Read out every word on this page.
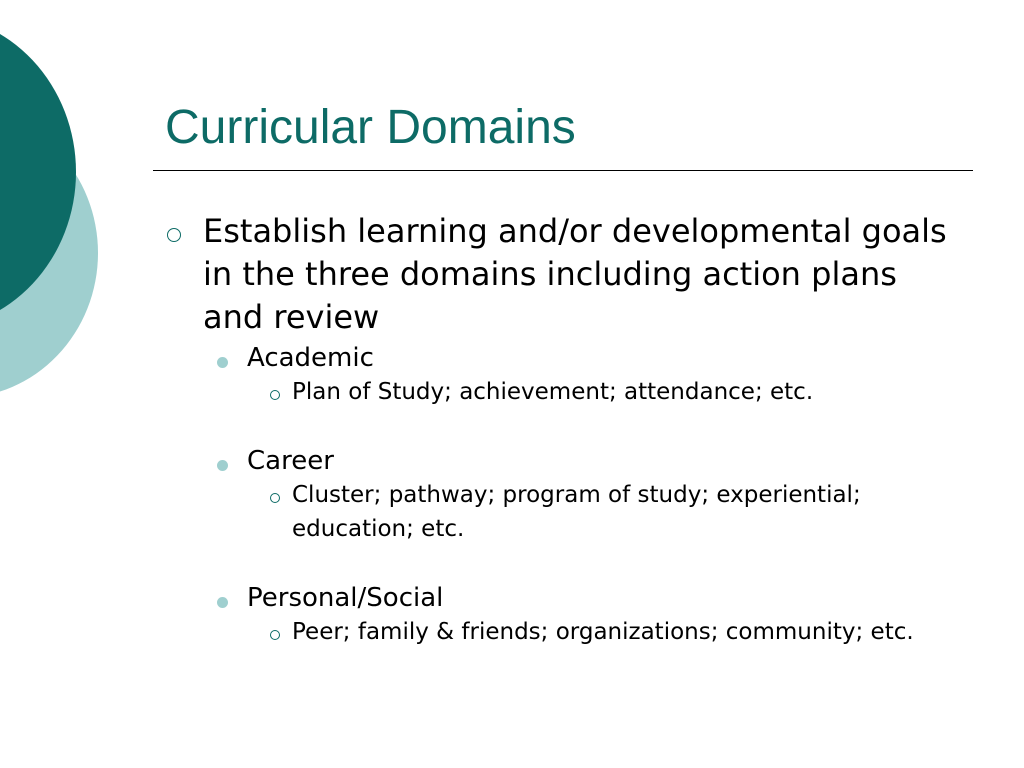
Curricular Domains
Establish learning and/or developmental goals in the three domains including action plans and review
Academic
Plan of Study; achievement; attendance; etc.
Career
Cluster; pathway; program of study; experiential; education; etc.
Personal/Social
Peer; family & friends; organizations; community; etc.
